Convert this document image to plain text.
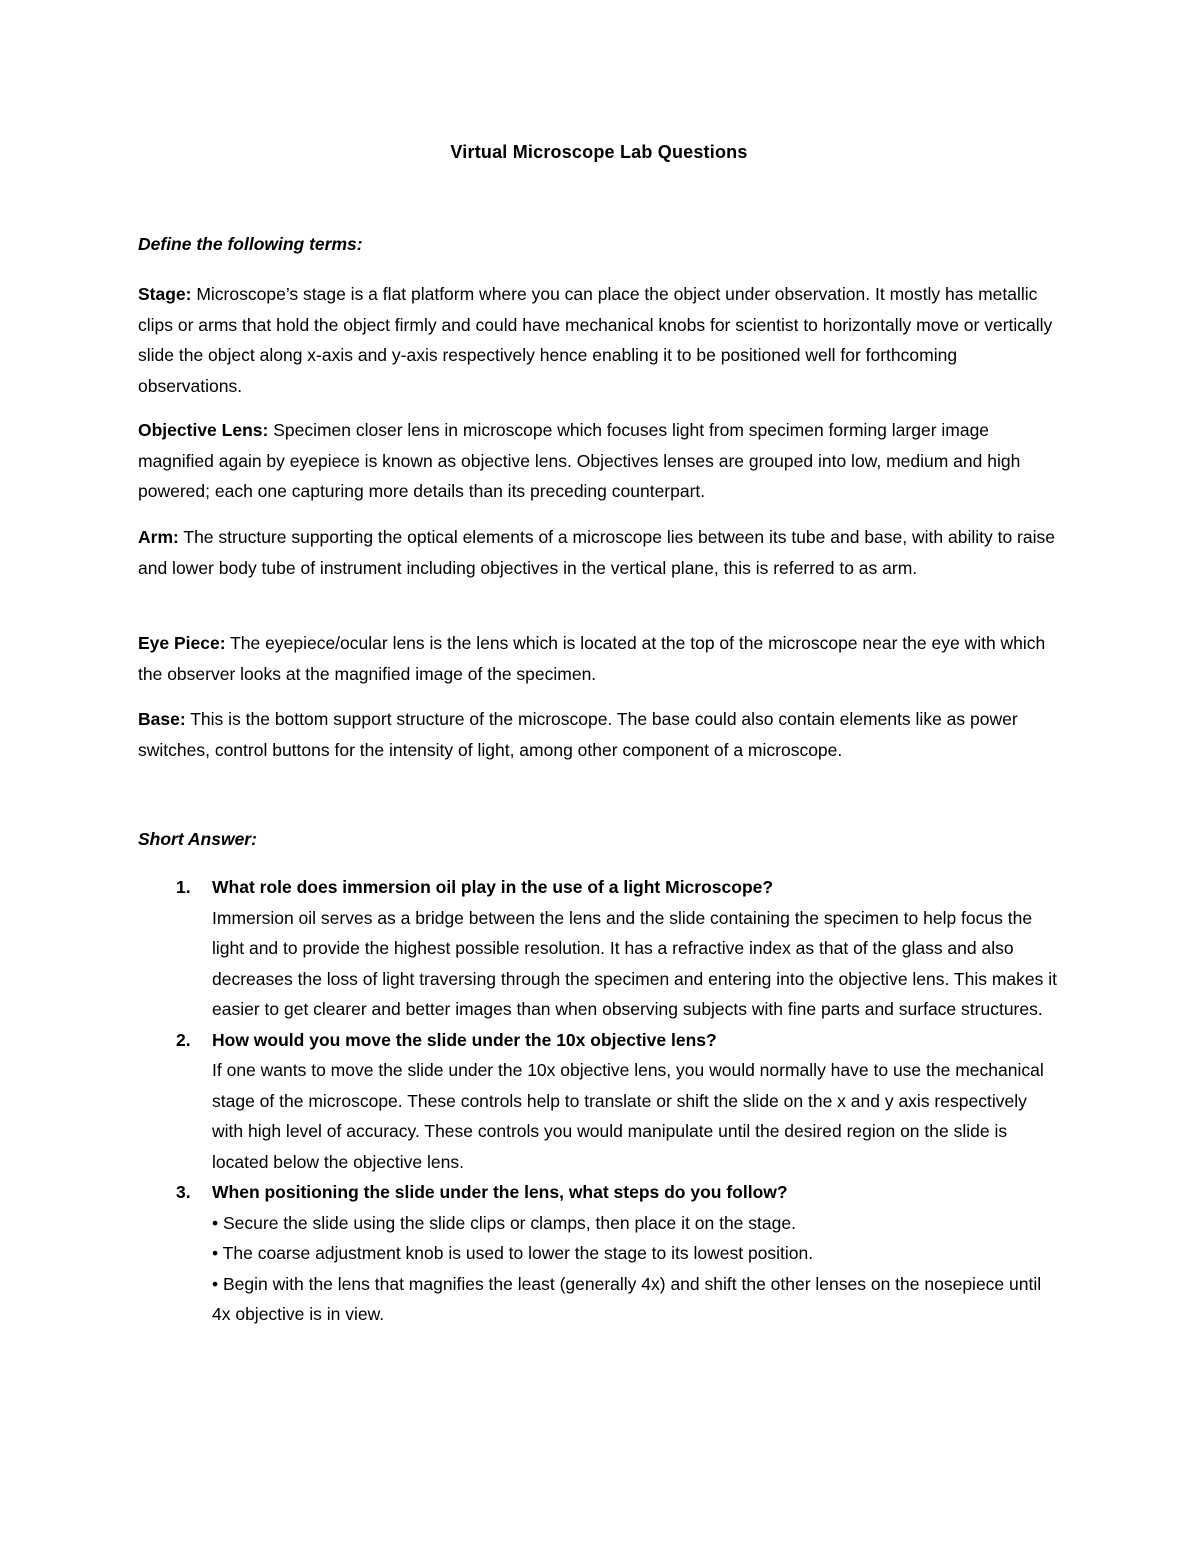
Virtual Microscope Lab Questions
Define the following terms:

Stage: Microscope’s stage is a flat platform where you can place the object under observation. It mostly has metallic clips or arms that hold the object firmly and could have mechanical knobs for scientist to horizontally move or vertically slide the object along x-axis and y-axis respectively hence enabling it to be positioned well for forthcoming observations.

Objective Lens: Specimen closer lens in microscope which focuses light from specimen forming larger image magnified again by eyepiece is known as objective lens. Objectives lenses are grouped into low, medium and high powered; each one capturing more details than its preceding counterpart.

Arm: The structure supporting the optical elements of a microscope lies between its tube and base, with ability to raise and lower body tube of instrument including objectives in the vertical plane, this is referred to as arm.

Eye Piece: The eyepiece/ocular lens is the lens which is located at the top of the microscope near the eye with which the observer looks at the magnified image of the specimen.

Base: This is the bottom support structure of the microscope. The base could also contain elements like as power switches, control buttons for the intensity of light, among other component of a microscope.

Short Answer:
1. What role does immersion oil play in the use of a light Microscope?
Immersion oil serves as a bridge between the lens and the slide containing the specimen to help focus the light and to provide the highest possible resolution. It has a refractive index as that of the glass and also decreases the loss of light traversing through the specimen and entering into the objective lens. This makes it easier to get clearer and better images than when observing subjects with fine parts and surface structures.
2. How would you move the slide under the 10x objective lens?
If one wants to move the slide under the 10x objective lens, you would normally have to use the mechanical stage of the microscope. These controls help to translate or shift the slide on the x and y axis respectively with high level of accuracy. These controls you would manipulate until the desired region on the slide is located below the objective lens.
3. When positioning the slide under the lens, what steps do you follow?
• Secure the slide using the slide clips or clamps, then place it on the stage.
• The coarse adjustment knob is used to lower the stage to its lowest position.
• Begin with the lens that magnifies the least (generally 4x) and shift the other lenses on the nosepiece until 4x objective is in view.
